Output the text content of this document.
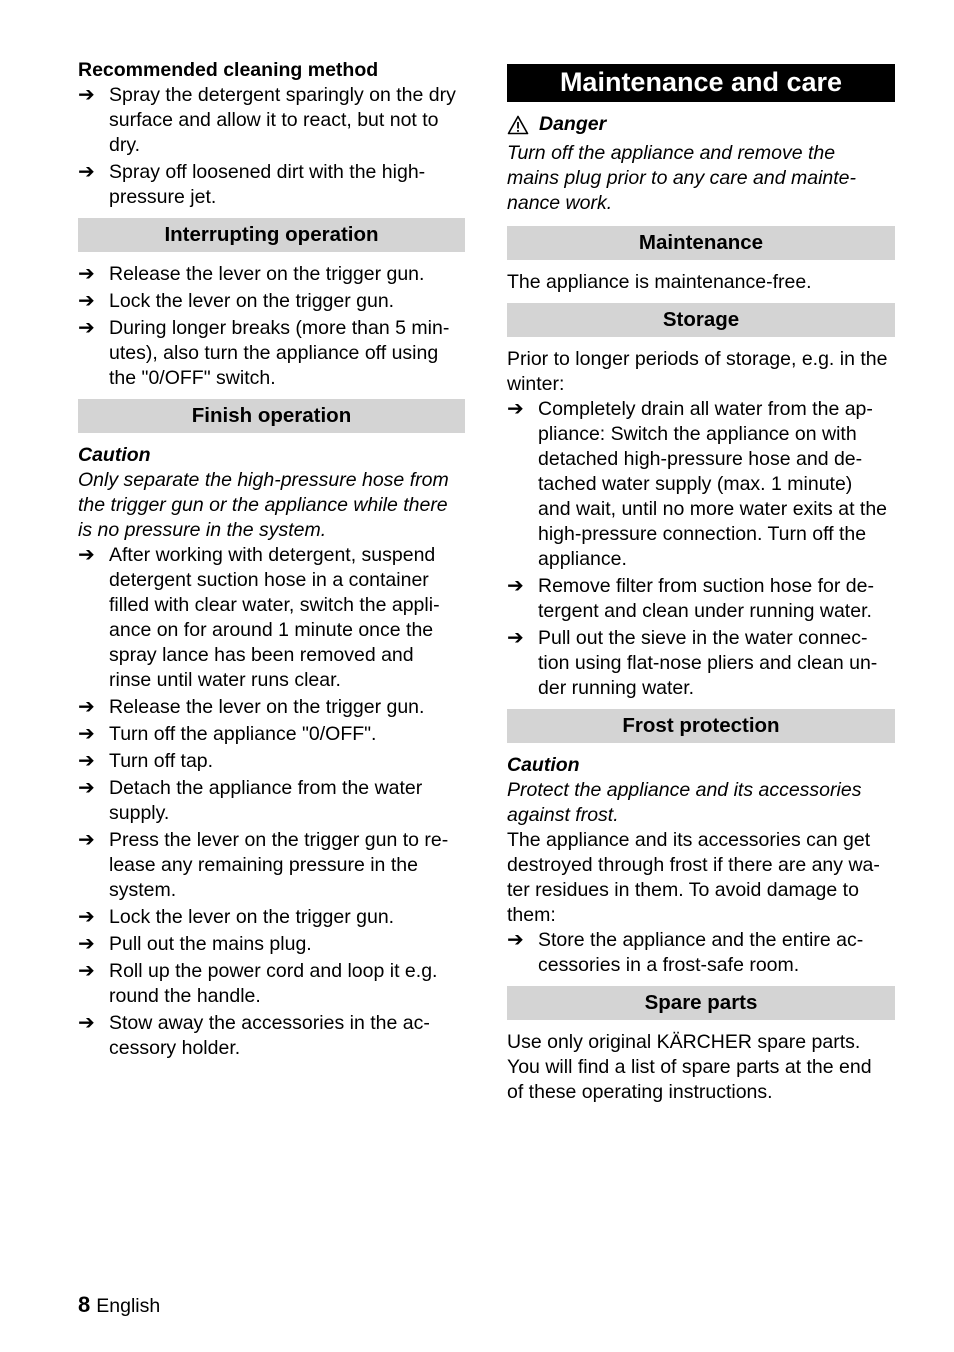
Recommended cleaning method
➔ Spray the detergent sparingly on the dry
surface and allow it to react, but not to
dry.
➔ Spray off loosened dirt with the high-
pressure jet.
Interrupting operation
➔ Release the lever on the trigger gun.
➔ Lock the lever on the trigger gun.
➔ During longer breaks (more than 5 min-
utes), also turn the appliance off using
the "0/OFF" switch.
Finish operation
Caution
Only separate the high-pressure hose from
the trigger gun or the appliance while there
is no pressure in the system.
➔ After working with detergent, suspend
detergent suction hose in a container
filled with clear water, switch the appli-
ance on for around 1 minute once the
spray lance has been removed and
rinse until water runs clear.
➔ Release the lever on the trigger gun.
➔ Turn off the appliance "0/OFF".
➔ Turn off tap.
➔ Detach the appliance from the water
supply.
➔ Press the lever on the trigger gun to re-
lease any remaining pressure in the
system.
➔ Lock the lever on the trigger gun.
➔ Pull out the mains plug.
➔ Roll up the power cord and loop it e.g.
round the handle.
➔ Stow away the accessories in the ac-
cessory holder.
Maintenance and care
Danger
Turn off the appliance and remove the
mains plug prior to any care and mainte-
nance work.
Maintenance
The appliance is maintenance-free.
Storage
Prior to longer periods of storage, e.g. in the
winter:
➔ Completely drain all water from the ap-
pliance: Switch the appliance on with
detached high-pressure hose and de-
tached water supply (max. 1 minute)
and wait, until no more water exits at the
high-pressure connection. Turn off the
appliance.
➔ Remove filter from suction hose for de-
tergent and clean under running water.
➔ Pull out the sieve in the water connec-
tion using flat-nose pliers and clean un-
der running water.
Frost protection
Caution
Protect the appliance and its accessories
against frost.
The appliance and its accessories can get
destroyed through frost if there are any wa-
ter residues in them. To avoid damage to
them:
➔ Store the appliance and the entire ac-
cessories in a frost-safe room.
Spare parts
Use only original KÄRCHER spare parts.
You will find a list of spare parts at the end
of these operating instructions.
8 English
